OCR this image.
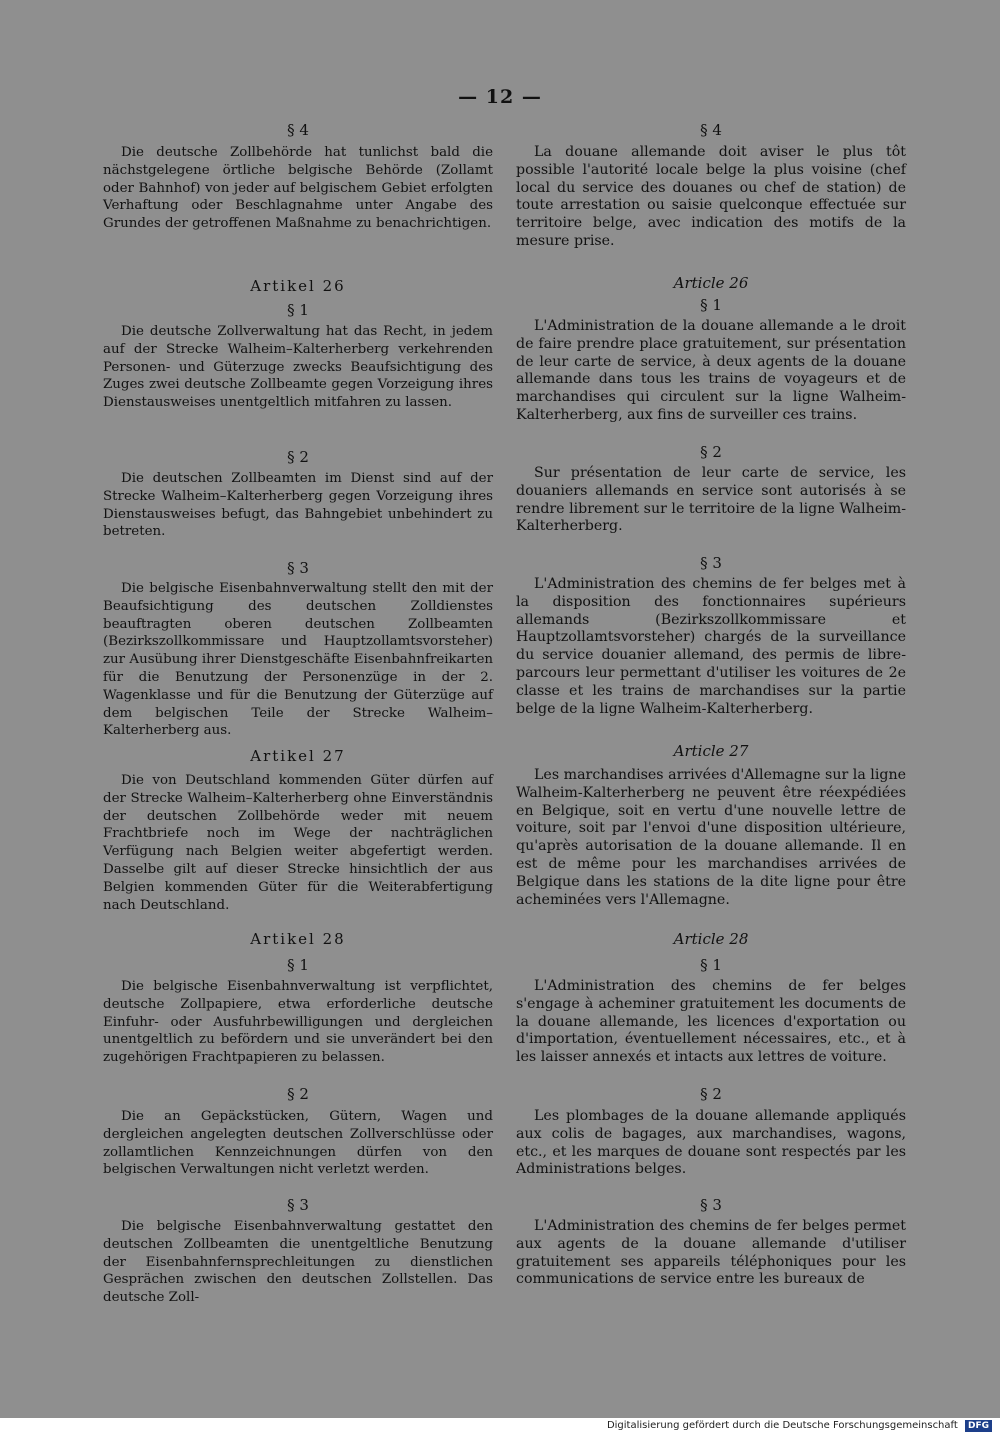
— 12 —
§ 4

Die deutsche Zollbehörde hat tunlichst bald die nächstgelegene örtliche belgische Behörde (Zollamt oder Bahnhof) von jeder auf belgischem Gebiet erfolgten Verhaftung oder Beschlagnahme unter Angabe des Grundes der getroffenen Maßnahme zu benachrichtigen.

Artikel 26
§ 1

Die deutsche Zollverwaltung hat das Recht, in jedem auf der Strecke Walheim–Kalterherberg verkehrenden Personen- und Güterzuge zwecks Beaufsichtigung des Zuges zwei deutsche Zollbeamte gegen Vorzeigung ihres Dienstausweises unentgeltlich mitfahren zu lassen.

§ 2

Die deutschen Zollbeamten im Dienst sind auf der Strecke Walheim–Kalterherberg gegen Vorzeigung ihres Dienstausweises befugt, das Bahngebiet unbehindert zu betreten.

§ 3

Die belgische Eisenbahnverwaltung stellt den mit der Beaufsichtigung des deutschen Zolldienstes beauftragten oberen deutschen Zollbeamten (Bezirkszollkommissare und Hauptzollamtsvorsteher) zur Ausübung ihrer Dienstgeschäfte Eisenbahnfreikarten für die Benutzung der Personenzüge in der 2. Wagenklasse und für die Benutzung der Güterzüge auf dem belgischen Teile der Strecke Walheim–Kalterherberg aus.

Artikel 27

Die von Deutschland kommenden Güter dürfen auf der Strecke Walheim–Kalterherberg ohne Einverständnis der deutschen Zollbehörde weder mit neuem Frachtbriefe noch im Wege der nachträglichen Verfügung nach Belgien weiter abgefertigt werden. Dasselbe gilt auf dieser Strecke hinsichtlich der aus Belgien kommenden Güter für die Weiterabfertigung nach Deutschland.

Artikel 28
§ 1

Die belgische Eisenbahnverwaltung ist verpflichtet, deutsche Zollpapiere, etwa erforderliche deutsche Einfuhr- oder Ausfuhrbewilligungen und dergleichen unentgeltlich zu befördern und sie unverändert bei den zugehörigen Frachtpapieren zu belassen.

§ 2

Die an Gepäckstücken, Gütern, Wagen und dergleichen angelegten deutschen Zollverschlüsse oder zollamtlichen Kennzeichnungen dürfen von den belgischen Verwaltungen nicht verletzt werden.

§ 3

Die belgische Eisenbahnverwaltung gestattet den deutschen Zollbeamten die unentgeltliche Benutzung der Eisenbahnfernsprechleitungen zu dienstlichen Gesprächen zwischen den deutschen Zollstellen. Das deutsche Zoll-

§ 4

La douane allemande doit aviser le plus tôt possible l'autorité locale belge la plus voisine (chef local du service des douanes ou chef de station) de toute arrestation ou saisie quelconque effectuée sur territoire belge, avec indication des motifs de la mesure prise.

Article 26
§ 1

L'Administration de la douane allemande a le droit de faire prendre place gratuitement, sur présentation de leur carte de service, à deux agents de la douane allemande dans tous les trains de voyageurs et de marchandises qui circulent sur la ligne Walheim-Kalterherberg, aux fins de surveiller ces trains.

§ 2

Sur présentation de leur carte de service, les douaniers allemands en service sont autorisés à se rendre librement sur le territoire de la ligne Walheim-Kalterherberg.

§ 3

L'Administration des chemins de fer belges met à la disposition des fonctionnaires supérieurs allemands (Bezirkszollkommissare et Hauptzollamtsvorsteher) chargés de la surveillance du service douanier allemand, des permis de libre-parcours leur permettant d'utiliser les voitures de 2e classe et les trains de marchandises sur la partie belge de la ligne Walheim-Kalterherberg.

Article 27

Les marchandises arrivées d'Allemagne sur la ligne Walheim-Kalterherberg ne peuvent être réexpédiées en Belgique, soit en vertu d'une nouvelle lettre de voiture, soit par l'envoi d'une disposition ultérieure, qu'après autorisation de la douane allemande. Il en est de même pour les marchandises arrivées de Belgique dans les stations de la dite ligne pour être acheminées vers l'Allemagne.

Article 28
§ 1

L'Administration des chemins de fer belges s'engage à acheminer gratuitement les documents de la douane allemande, les licences d'exportation ou d'importation, éventuellement nécessaires, etc., et à les laisser annexés et intacts aux lettres de voiture.

§ 2

Les plombages de la douane allemande appliqués aux colis de bagages, aux marchandises, wagons, etc., et les marques de douane sont respectés par les Administrations belges.

§ 3

L'Administration des chemins de fer belges permet aux agents de la douane allemande d'utiliser gratuitement ses appareils téléphoniques pour les communications de service entre les bureaux de

Digitalisierung gefördert durch die Deutsche Forschungsgemeinschaft DFG
